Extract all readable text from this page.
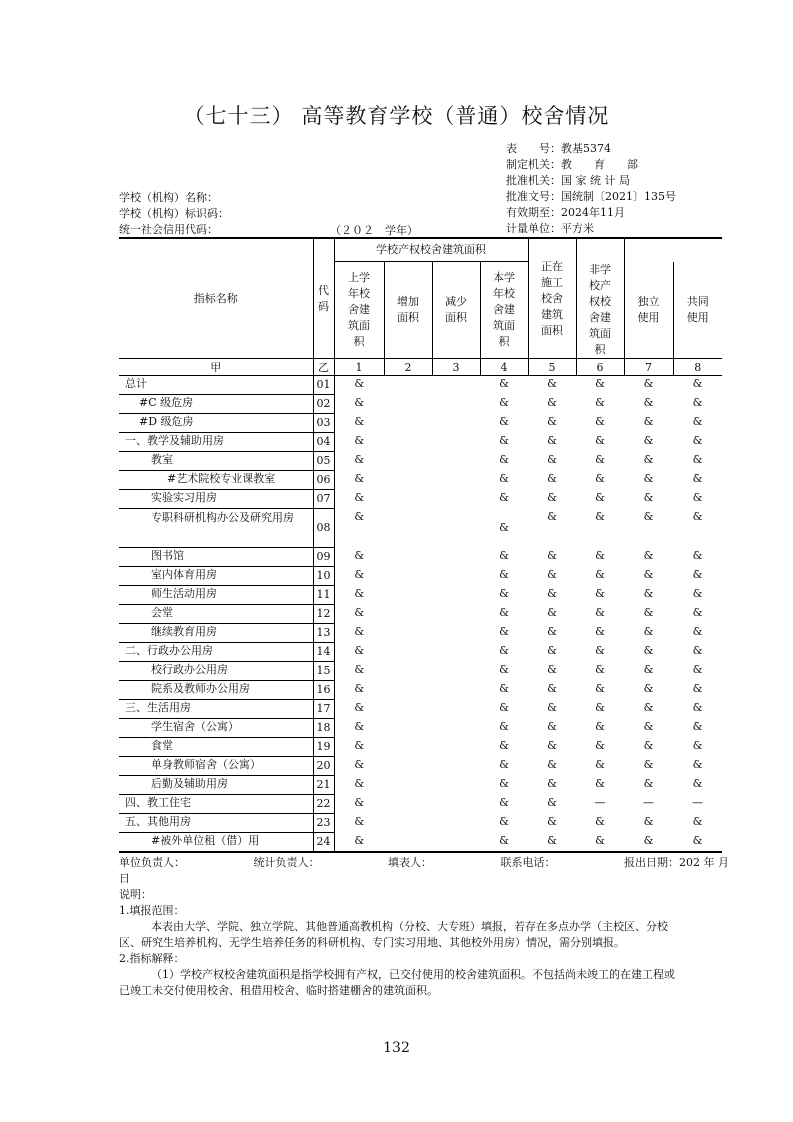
（七十三） 高等教育学校（普通）校舍情况
表　　号：教基5374
制定机关：教　　育　　部
批准机关：国 家 统 计 局
批准文号：国统制〔2021〕135号
有效期至：2024年11月
计量单位：平方米
学校（机构）名称：
学校（机构）标识码：
统一社会信用代码：	（２０２　学年）
指标名称	代码	学校产权校舍建筑面积				正在施工校舍建筑面积			
		上学年校舍建筑面积	增加面积	减少面积	本学年校舍建筑面积		非学校产权校舍建筑面积	独立使用	共同使用
甲	乙	1	2	3	4	5	6	7	8
总计	01	&			&	&	&	&	&
#C 级危房	02	&			&	&	&	&	&
#D 级危房	03	&			&	&	&	&	&
一、教学及辅助用房	04	&			&	&	&	&	&
教室	05	&			&	&	&	&	&
#艺术院校专业课教室	06	&			&	&	&	&	&
实验实习用房	07	&			&	&	&	&	&
专职科研机构办公及研究用房	08	&			&	&	&	&	&
图书馆	09	&			&	&	&	&	&
室内体育用房	10	&			&	&	&	&	&
师生活动用房	11	&			&	&	&	&	&
会堂	12	&			&	&	&	&	&
继续教育用房	13	&			&	&	&	&	&
二、行政办公用房	14	&			&	&	&	&	&
校行政办公用房	15	&			&	&	&	&	&
院系及教师办公用房	16	&			&	&	&	&	&
三、生活用房	17	&			&	&	&	&	&
学生宿舍（公寓）	18	&			&	&	&	&	&
食堂	19	&			&	&	&	&	&
单身教师宿舍（公寓）	20	&			&	&	&	&	&
后勤及辅助用房	21	&			&	&	&	&	&
四、教工住宅	22	&			&	&	—	—	—
五、其他用房	23	&			&	&	&	&	&
#被外单位租（借）用	24	&			&	&	&	&	&
单位负责人：	统计负责人：	填表人：	联系电话：	报出日期：202 年 月
日

说明：

1.填报范围：

本表由大学、学院、独立学院、其他普通高教机构（分校、大专班）填报，若存在多点办学（主校区、分校区、研究生培养机构、无学生培养任务的科研机构、专门实习用地、其他校外用房）情况，需分别填报。

2.指标解释：

（1）学校产权校舍建筑面积是指学校拥有产权，已交付使用的校舍建筑面积。不包括尚未竣工的在建工程或已竣工未交付使用校舍、租借用校舍、临时搭建棚舍的建筑面积。

132
